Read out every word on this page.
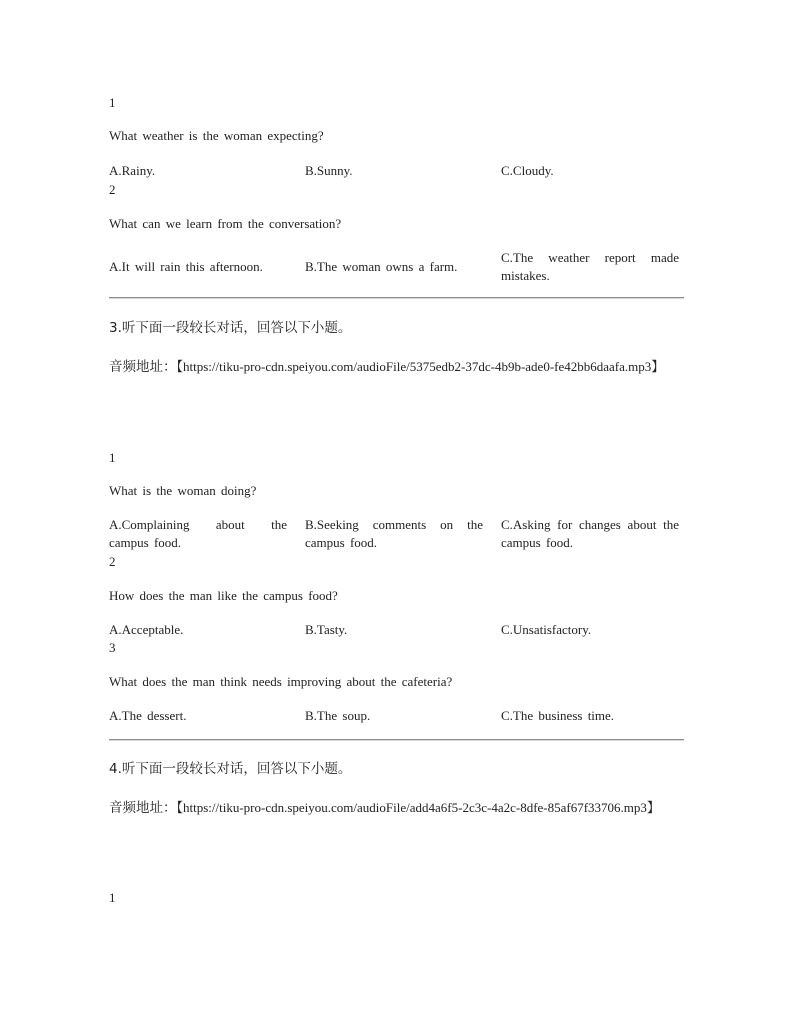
1
What weather is the woman expecting?
A.Rainy.	B.Sunny.	C.Cloudy.
2
What can we learn from the conversation?
A.It will rain this afternoon.	B.The woman owns a farm.
C.The weather report made mistakes.
3.听下面一段较长对话，回答以下小题。
音频地址：【https://tiku-pro-cdn.speiyou.com/audioFile/5375edb2-37dc-4b9b-ade0-fe42bb6daafa.mp3】
1
What is the woman doing?
A.Complaining about the campus food.
B.Seeking comments on the campus food.
C.Asking for changes about the campus food.
2
How does the man like the campus food?
A.Acceptable.	B.Tasty.	C.Unsatisfactory.
3
What does the man think needs improving about the cafeteria?
A.The dessert.	B.The soup.	C.The business time.
4.听下面一段较长对话，回答以下小题。
音频地址：【https://tiku-pro-cdn.speiyou.com/audioFile/add4a6f5-2c3c-4a2c-8dfe-85af67f33706.mp3】
1
